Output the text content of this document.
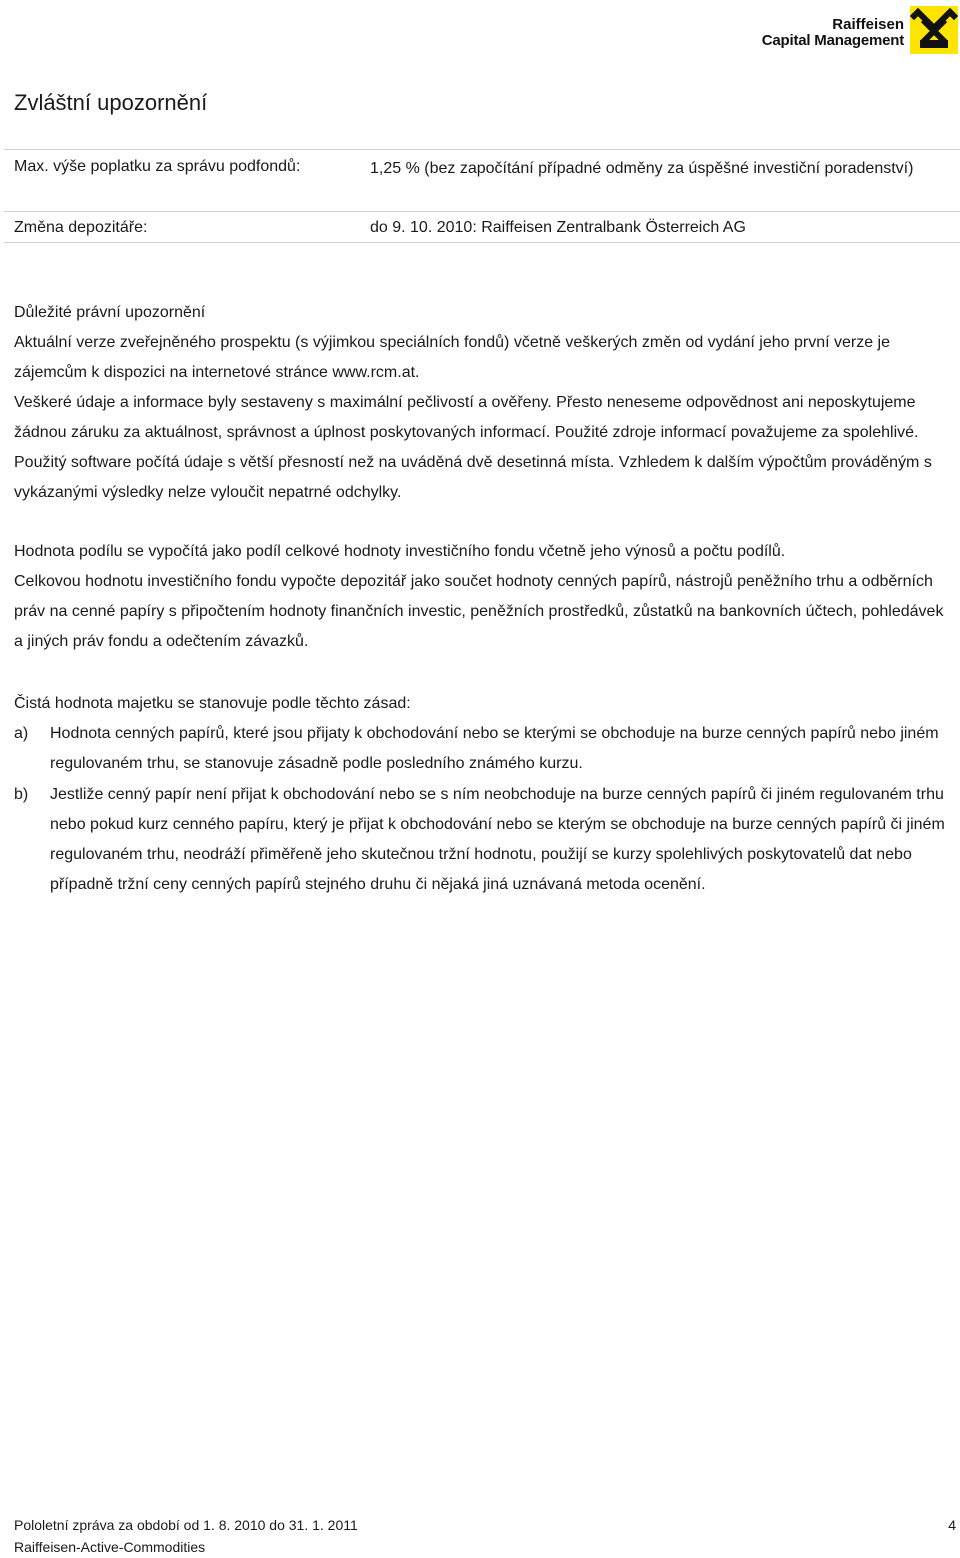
Raiffeisen
Capital Management
Zvláštní upozornění
Max. výše poplatku za správu podfondů:	1,25 % (bez započítání případné odměny za úspěšné investiční poradenství)
Změna depozitáře:	do 9. 10. 2010: Raiffeisen Zentralbank Österreich AG

Důležité právní upozornění

Aktuální verze zveřejněného prospektu (s výjimkou speciálních fondů) včetně veškerých změn od vydání jeho první verze je zájemcům k dispozici na internetové stránce www.rcm.at.

Veškeré údaje a informace byly sestaveny s maximální pečlivostí a ověřeny. Přesto neneseme odpovědnost ani neposkytujeme žádnou záruku za aktuálnost, správnost a úplnost poskytovaných informací. Použité zdroje informací považujeme za spolehlivé. Použitý software počítá údaje s větší přesností než na uváděná dvě desetinná místa. Vzhledem k dalším výpočtům prováděným s vykázanými výsledky nelze vyloučit nepatrné odchylky.

Hodnota podílu se vypočítá jako podíl celkové hodnoty investičního fondu včetně jeho výnosů a počtu podílů.

Celkovou hodnotu investičního fondu vypočte depozitář jako součet hodnoty cenných papírů, nástrojů peněžního trhu a odběrních práv na cenné papíry s připočtením hodnoty finančních investic, peněžních prostředků, zůstatků na bankovních účtech, pohledávek a jiných práv fondu a odečtením závazků.

Čistá hodnota majetku se stanovuje podle těchto zásad:

a) Hodnota cenných papírů, které jsou přijaty k obchodování nebo se kterými se obchoduje na burze cenných papírů nebo jiném regulovaném trhu, se stanovuje zásadně podle posledního známého kurzu.
b) Jestliže cenný papír není přijat k obchodování nebo se s ním neobchoduje na burze cenných papírů či jiném regulovaném trhu nebo pokud kurz cenného papíru, který je přijat k obchodování nebo se kterým se obchoduje na burze cenných papírů či jiném regulovaném trhu, neodráží přiměřeně jeho skutečnou tržní hodnotu, použijí se kurzy spolehlivých poskytovatelů dat nebo případně tržní ceny cenných papírů stejného druhu či nějaká jiná uznávaná metoda ocenění.
Pololetní zpráva za období od 1. 8. 2010 do 31. 1. 2011
Raiffeisen-Active-Commodities
4
